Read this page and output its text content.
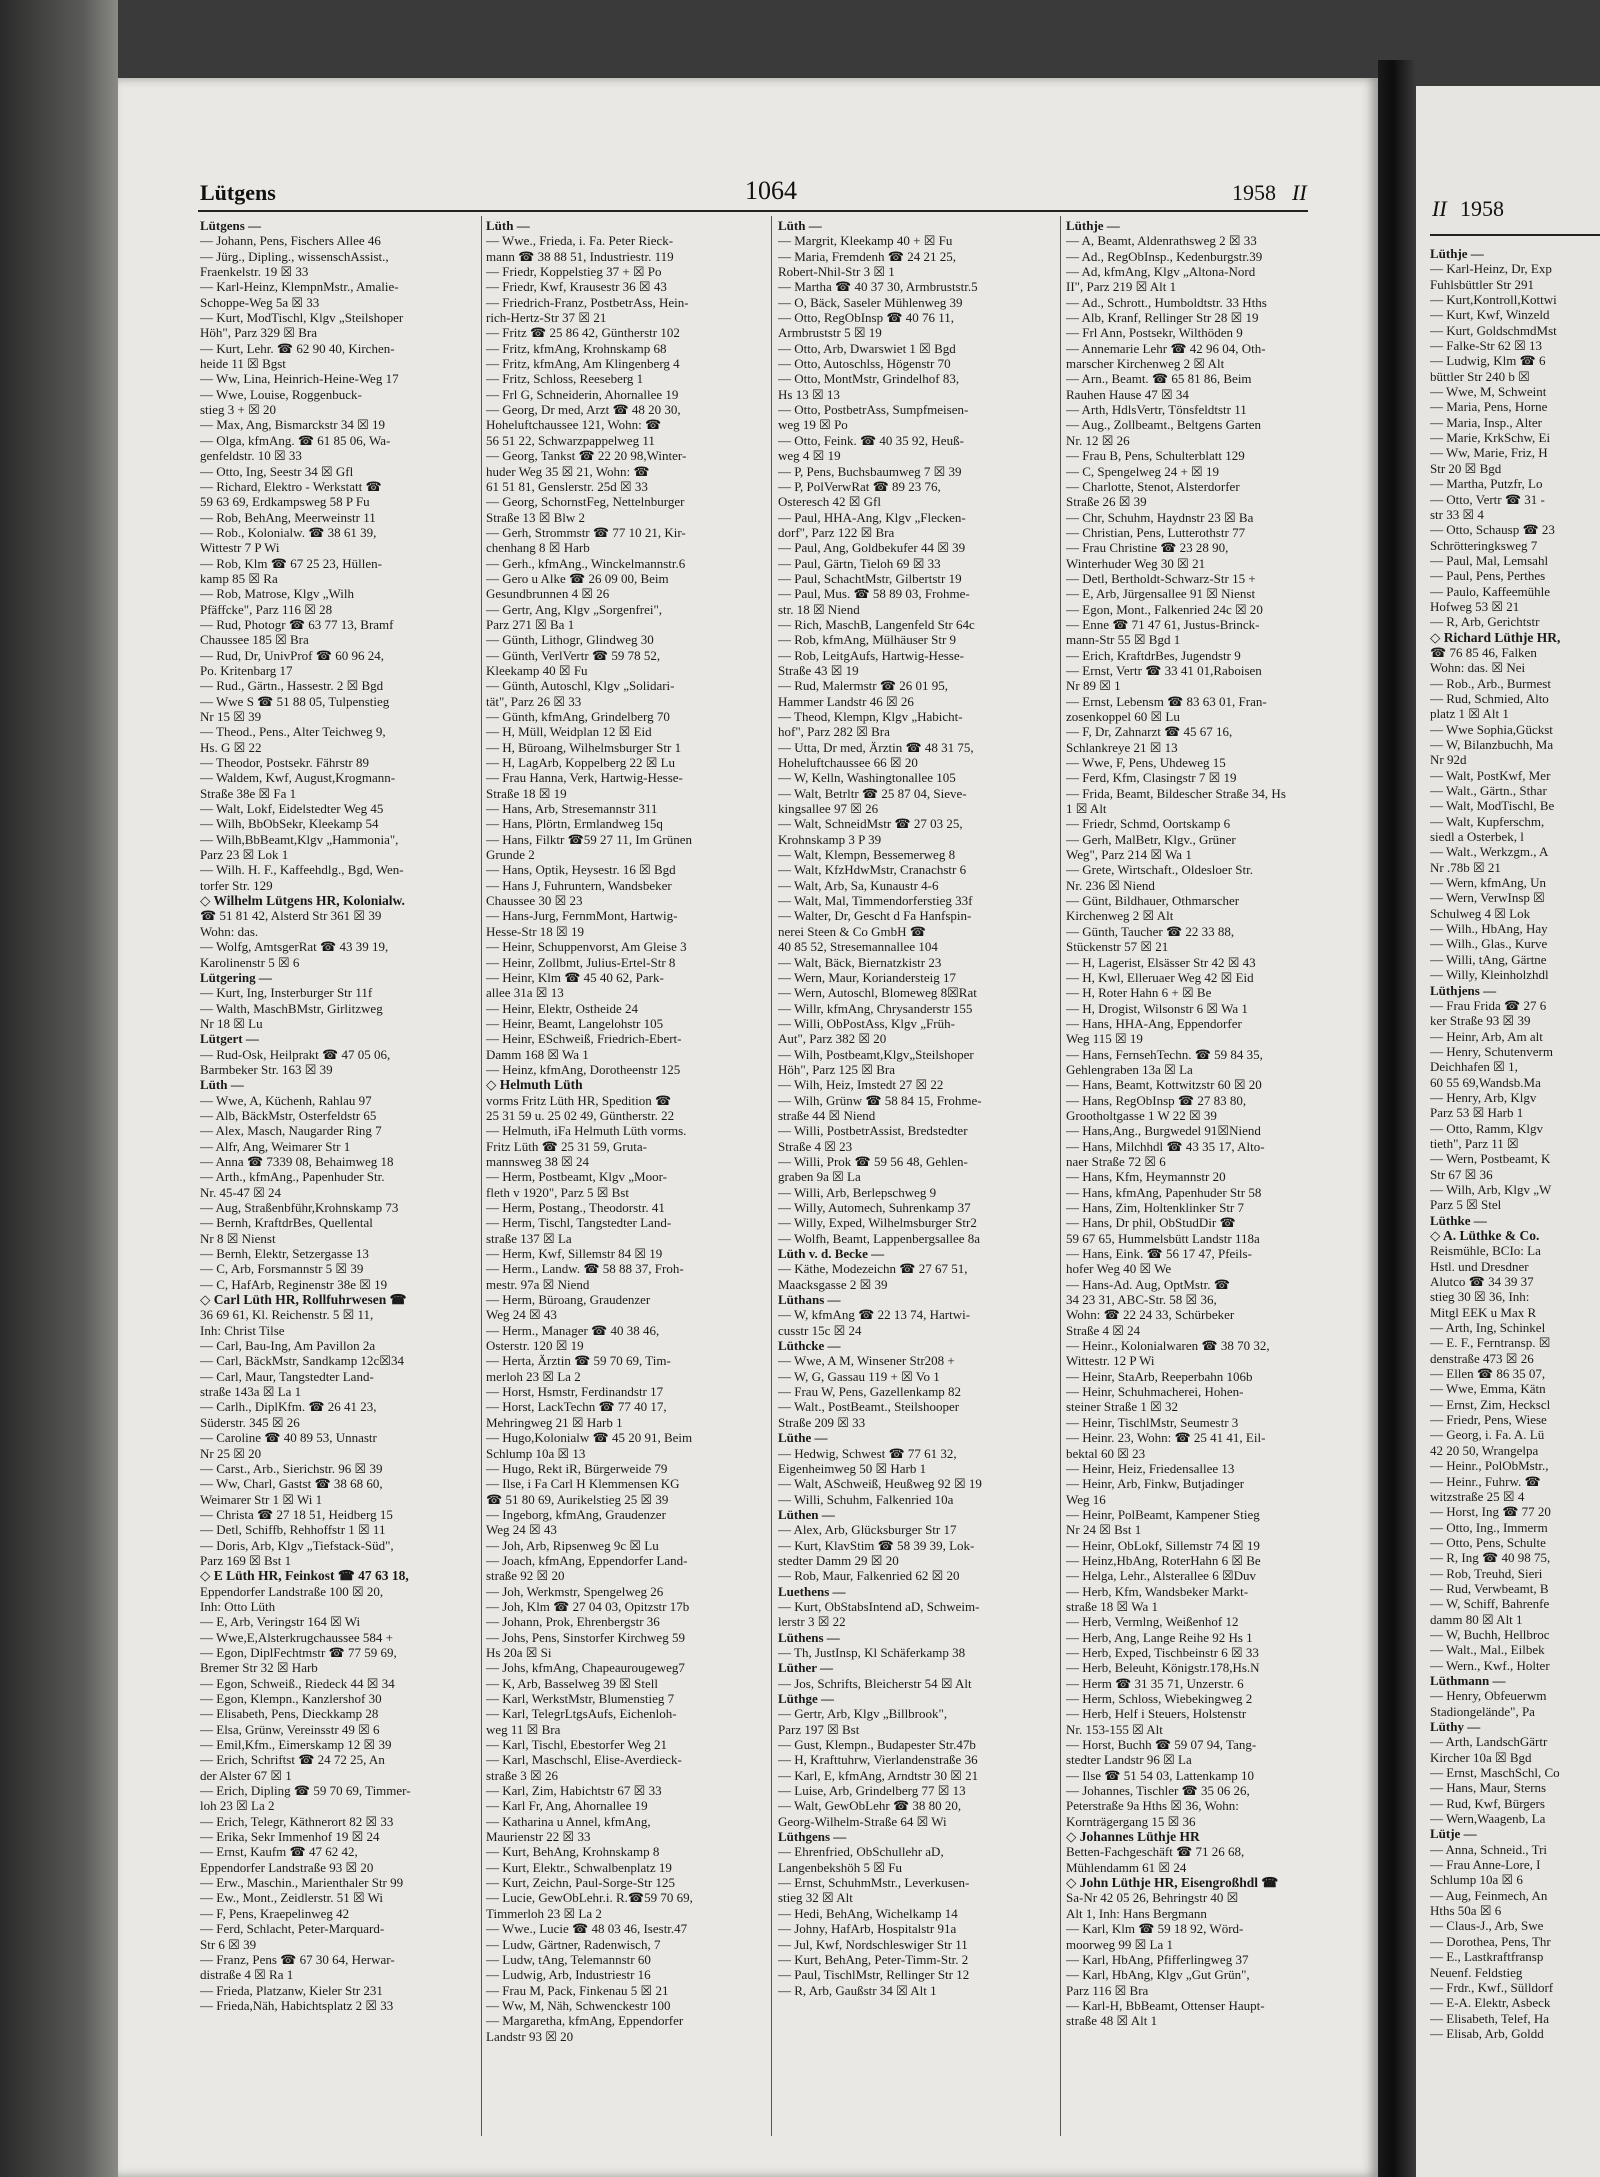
Lütgens	1064	1958 II
II 1958
Lütgens —
— Johann, Pens, Fischers Allee 46
— Jürg., Dipling., wissenschAssist.,
Fraenkelstr. 19 ☒ 33
— Karl-Heinz, KlempnMstr., Amalie-
Schoppe-Weg 5a ☒ 33
— Kurt, ModTischl, Klgv „Steilshoper
Höh", Parz 329 ☒ Bra
— Kurt, Lehr. ☎ 62 90 40, Kirchen-
heide 11 ☒ Bgst
— Ww, Lina, Heinrich-Heine-Weg 17
— Wwe, Louise, Roggenbuck-
stieg 3 + ☒ 20
— Max, Ang, Bismarckstr 34 ☒ 19
— Olga, kfmAng. ☎ 61 85 06, Wa-
genfeldstr. 10 ☒ 33
— Otto, Ing, Seestr 34 ☒ Gfl
— Richard, Elektro - Werkstatt ☎
59 63 69, Erdkampsweg 58 P Fu
— Rob, BehAng, Meerweinstr 11
— Rob., Kolonialw. ☎ 38 61 39,
Wittestr 7 P Wi
— Rob, Klm ☎ 67 25 23, Hüllen-
kamp 85 ☒ Ra
— Rob, Matrose, Klgv „Wilh
Pfäffcke", Parz 116 ☒ 28
— Rud, Photogr ☎ 63 77 13, Bramf
Chaussee 185 ☒ Bra
— Rud, Dr, UnivProf ☎ 60 96 24,
Po. Kritenbarg 17
— Rud., Gärtn., Hassestr. 2 ☒ Bgd
— Wwe S ☎ 51 88 05, Tulpenstieg
Nr 15 ☒ 39
— Theod., Pens., Alter Teichweg 9,
Hs. G ☒ 22
— Theodor, Postsekr. Fährstr 89
— Waldem, Kwf, August,Krogmann-
Straße 38e ☒ Fa 1
— Walt, Lokf, Eidelstedter Weg 45
— Wilh, BbObSekr, Kleekamp 54
— Wilh,BbBeamt,Klgv „Hammonia",
Parz 23 ☒ Lok 1
— Wilh. H. F., Kaffeehdlg., Bgd, Wen-
torfer Str. 129
◇ Wilhelm Lütgens HR, Kolonialw.
☎ 51 81 42, Alsterd Str 361 ☒ 39
Wohn: das.
— Wolfg, AmtsgerRat ☎ 43 39 19,
Karolinenstr 5 ☒ 6
Lütgering —
— Kurt, Ing, Insterburger Str 11f
— Walth, MaschBMstr, Girlitzweg
Nr 18 ☒ Lu
Lütgert —
— Rud-Osk, Heilprakt ☎ 47 05 06,
Barmbeker Str. 163 ☒ 39
Lüth —
— Wwe, A, Küchenh, Rahlau 97
— Alb, BäckMstr, Osterfeldstr 65
— Alex, Masch, Naugarder Ring 7
— Alfr, Ang, Weimarer Str 1
— Anna ☎ 7339 08, Behaimweg 18
— Arth., kfmAng., Papenhuder Str.
Nr. 45-47 ☒ 24
— Aug, Straßenbführ,Krohnskamp 73
— Bernh, KraftdrBes, Quellental
Nr 8 ☒ Nienst
— Bernh, Elektr, Setzergasse 13
— C, Arb, Forsmannstr 5 ☒ 39
— C, HafArb, Reginenstr 38e ☒ 19
◇ Carl Lüth HR, Rollfuhrwesen ☎
36 69 61, Kl. Reichenstr. 5 ☒ 11,
Inh: Christ Tilse
— Carl, Bau-Ing, Am Pavillon 2a
— Carl, BäckMstr, Sandkamp 12c☒34
— Carl, Maur, Tangstedter Land-
straße 143a ☒ La 1
— Carlh., DiplKfm. ☎ 26 41 23,
Süderstr. 345 ☒ 26
— Caroline ☎ 40 89 53, Unnastr
Nr 25 ☒ 20
— Carst., Arb., Sierichstr. 96 ☒ 39
— Ww, Charl, Gastst ☎ 38 68 60,
Weimarer Str 1 ☒ Wi 1
— Christa ☎ 27 18 51, Heidberg 15
— Detl, Schiffb, Rehhoffstr 1 ☒ 11
— Doris, Arb, Klgv „Tiefstack-Süd",
Parz 169 ☒ Bst 1
◇ E Lüth HR, Feinkost ☎ 47 63 18,
Eppendorfer Landstraße 100 ☒ 20,
Inh: Otto Lüth
— E, Arb, Veringstr 164 ☒ Wi
— Wwe,E,Alsterkrugchaussee 584 +
— Egon, DiplFechtmstr ☎ 77 59 69,
Bremer Str 32 ☒ Harb
— Egon, Schweiß., Riedeck 44 ☒ 34
— Egon, Klempn., Kanzlershof 30
— Elisabeth, Pens, Dieckkamp 28
— Elsa, Grünw, Vereinsstr 49 ☒ 6
— Emil,Kfm., Eimerskamp 12 ☒ 39
— Erich, Schriftst ☎ 24 72 25, An
der Alster 67 ☒ 1
— Erich, Dipling ☎ 59 70 69, Timmer-
loh 23 ☒ La 2
— Erich, Telegr, Käthnerort 82 ☒ 33
— Erika, Sekr Immenhof 19 ☒ 24
— Ernst, Kaufm ☎ 47 62 42,
Eppendorfer Landstraße 93 ☒ 20
— Erw., Maschin., Marienthaler Str 99
— Ew., Mont., Zeidlerstr. 51 ☒ Wi
— F, Pens, Kraepelinweg 42
— Ferd, Schlacht, Peter-Marquard-
Str 6 ☒ 39
— Franz, Pens ☎ 67 30 64, Herwar-
distraße 4 ☒ Ra 1
— Frieda, Platzanw, Kieler Str 231
— Frieda,Näh, Habichtsplatz 2 ☒ 33
Lüth —
— Wwe., Frieda, i. Fa. Peter Rieck-
mann ☎ 38 88 51, Industriestr. 119
— Friedr, Koppelstieg 37 + ☒ Po
— Friedr, Kwf, Krausestr 36 ☒ 43
— Friedrich-Franz, PostbetrAss, Hein-
rich-Hertz-Str 37 ☒ 21
— Fritz ☎ 25 86 42, Güntherstr 102
— Fritz, kfmAng, Krohnskamp 68
— Fritz, kfmAng, Am Klingenberg 4
— Fritz, Schloss, Reeseberg 1
— Frl G, Schneiderin, Ahornallee 19
— Georg, Dr med, Arzt ☎ 48 20 30,
Hoheluftchaussee 121, Wohn: ☎
56 51 22, Schwarzpappelweg 11
— Georg, Tankst ☎ 22 20 98,Winter-
huder Weg 35 ☒ 21, Wohn: ☎
61 51 81, Genslerstr. 25d ☒ 33
— Georg, SchornstFeg, Nettelnburger
Straße 13 ☒ Blw 2
— Gerh, Strommstr ☎ 77 10 21, Kir-
chenhang 8 ☒ Harb
— Gerh., kfmAng., Winckelmannstr.6
— Gero u Alke ☎ 26 09 00, Beim
Gesundbrunnen 4 ☒ 26
— Gertr, Ang, Klgv „Sorgenfrei",
Parz 271 ☒ Ba 1
— Günth, Lithogr, Glindweg 30
— Günth, VerlVertr ☎ 59 78 52,
Kleekamp 40 ☒ Fu
— Günth, Autoschl, Klgv „Solidari-
tät", Parz 26 ☒ 33
— Günth, kfmAng, Grindelberg 70
— H, Müll, Weidplan 12 ☒ Eid
— H, Büroang, Wilhelmsburger Str 1
— H, LagArb, Koppelberg 22 ☒ Lu
— Frau Hanna, Verk, Hartwig-Hesse-
Straße 18 ☒ 19
— Hans, Arb, Stresemannstr 311
— Hans, Plörtn, Ermlandweg 15q
— Hans, Filktr ☎59 27 11, Im Grünen
Grunde 2
— Hans, Optik, Heysestr. 16 ☒ Bgd
— Hans J, Fuhruntern, Wandsbeker
Chaussee 30 ☒ 23
— Hans-Jurg, FernmMont, Hartwig-
Hesse-Str 18 ☒ 19
— Heinr, Schuppenvorst, Am Gleise 3
— Heinr, Zollbmt, Julius-Ertel-Str 8
— Heinr, Klm ☎ 45 40 62, Park-
allee 31a ☒ 13
— Heinr, Elektr, Ostheide 24
— Heinr, Beamt, Langelohstr 105
— Heinr, ESchweiß, Friedrich-Ebert-
Damm 168 ☒ Wa 1
— Heinz, kfmAng, Dorotheenstr 125
◇ Helmuth Lüth
vorms Fritz Lüth HR, Spedition ☎
25 31 59 u. 25 02 49, Güntherstr. 22
— Helmuth, iFa Helmuth Lüth vorms.
Fritz Lüth ☎ 25 31 59, Gruta-
mannsweg 38 ☒ 24
— Herm, Postbeamt, Klgv „Moor-
fleth v 1920", Parz 5 ☒ Bst
— Herm, Postang., Theodorstr. 41
— Herm, Tischl, Tangstedter Land-
straße 137 ☒ La
— Herm, Kwf, Sillemstr 84 ☒ 19
— Herm., Landw. ☎ 58 88 37, Froh-
mestr. 97a ☒ Niend
— Herm, Büroang, Graudenzer
Weg 24 ☒ 43
— Herm., Manager ☎ 40 38 46,
Osterstr. 120 ☒ 19
— Herta, Ärztin ☎ 59 70 69, Tim-
merloh 23 ☒ La 2
— Horst, Hsmstr, Ferdinandstr 17
— Horst, LackTechn ☎ 77 40 17,
Mehringweg 21 ☒ Harb 1
— Hugo,Kolonialw ☎ 45 20 91, Beim
Schlump 10a ☒ 13
— Hugo, Rekt iR, Bürgerweide 79
— Ilse, i Fa Carl H Klemmensen KG
☎ 51 80 69, Aurikelstieg 25 ☒ 39
— Ingeborg, kfmAng, Graudenzer
Weg 24 ☒ 43
— Joh, Arb, Ripsenweg 9c ☒ Lu
— Joach, kfmAng, Eppendorfer Land-
straße 92 ☒ 20
— Joh, Werkmstr, Spengelweg 26
— Joh, Klm ☎ 27 04 03, Opitzstr 17b
— Johann, Prok, Ehrenbergstr 36
— Johs, Pens, Sinstorfer Kirchweg 59
Hs 20a ☒ Si
— Johs, kfmAng, Chapeaurougeweg7
— K, Arb, Basselweg 39 ☒ Stell
— Karl, WerkstMstr, Blumenstieg 7
— Karl, TelegrLtgsAufs, Eichenloh-
weg 11 ☒ Bra
— Karl, Tischl, Ebestorfer Weg 21
— Karl, Maschschl, Elise-Averdieck-
straße 3 ☒ 26
— Karl, Zim, Habichtstr 67 ☒ 33
— Karl Fr, Ang, Ahornallee 19
— Katharina u Annel, kfmAng,
Maurienstr 22 ☒ 33
— Kurt, BehAng, Krohnskamp 8
— Kurt, Elektr., Schwalbenplatz 19
— Kurt, Zeichn, Paul-Sorge-Str 125
— Lucie, GewObLehr.i. R.☎59 70 69,
Timmerloh 23 ☒ La 2
— Wwe., Lucie ☎ 48 03 46, Isestr.47
— Ludw, Gärtner, Radenwisch, 7
— Ludw, tAng, Telemannstr 60
— Ludwig, Arb, Industriestr 16
— Frau M, Pack, Finkenau 5 ☒ 21
— Ww, M, Näh, Schwenckestr 100
— Margaretha, kfmAng, Eppendorfer
Landstr 93 ☒ 20
Lüth —
— Margrit, Kleekamp 40 + ☒ Fu
— Maria, Fremdenh ☎ 24 21 25,
Robert-Nhil-Str 3 ☒ 1
— Martha ☎ 40 37 30, Armbruststr.5
— O, Bäck, Saseler Mühlenweg 39
— Otto, RegObInsp ☎ 40 76 11,
Armbruststr 5 ☒ 19
— Otto, Arb, Dwarswiet 1 ☒ Bgd
— Otto, Autoschlss, Högenstr 70
— Otto, MontMstr, Grindelhof 83,
Hs 13 ☒ 13
— Otto, PostbetrAss, Sumpfmeisen-
weg 19 ☒ Po
— Otto, Feink. ☎ 40 35 92, Heuß-
weg 4 ☒ 19
— P, Pens, Buchsbaumweg 7 ☒ 39
— P, PolVerwRat ☎ 89 23 76,
Osteresch 42 ☒ Gfl
— Paul, HHA-Ang, Klgv „Flecken-
dorf", Parz 122 ☒ Bra
— Paul, Ang, Goldbekufer 44 ☒ 39
— Paul, Gärtn, Tieloh 69 ☒ 33
— Paul, SchachtMstr, Gilbertstr 19
— Paul, Mus. ☎ 58 89 03, Frohme-
str. 18 ☒ Niend
— Rich, MaschB, Langenfeld Str 64c
— Rob, kfmAng, Mülhäuser Str 9
— Rob, LeitgAufs, Hartwig-Hesse-
Straße 43 ☒ 19
— Rud, Malermstr ☎ 26 01 95,
Hammer Landstr 46 ☒ 26
— Theod, Klempn, Klgv „Habicht-
hof", Parz 282 ☒ Bra
— Utta, Dr med, Ärztin ☎ 48 31 75,
Hoheluftchaussee 66 ☒ 20
— W, Kelln, Washingtonallee 105
— Walt, Betrltr ☎ 25 87 04, Sieve-
kingsallee 97 ☒ 26
— Walt, SchneidMstr ☎ 27 03 25,
Krohnskamp 3 P 39
— Walt, Klempn, Bessemerweg 8
— Walt, KfzHdwMstr, Cranachstr 6
— Walt, Arb, Sa, Kunaustr 4-6
— Walt, Mal, Timmendorferstieg 33f
— Walter, Dr, Gescht d Fa Hanfspin-
nerei Steen & Co GmbH ☎
40 85 52, Stresemannallee 104
— Walt, Bäck, Biernatzkistr 23
— Wern, Maur, Koriandersteig 17
— Wern, Autoschl, Blomeweg 8☒Rat
— Willr, kfmAng, Chrysanderstr 155
— Willi, ObPostAss, Klgv „Früh-
Aut", Parz 382 ☒ 20
— Wilh, Postbeamt,Klgv„Steilshoper
Höh", Parz 125 ☒ Bra
— Wilh, Heiz, Imstedt 27 ☒ 22
— Wilh, Grünw ☎ 58 84 15, Frohme-
straße 44 ☒ Niend
— Willi, PostbetrAssist, Bredstedter
Straße 4 ☒ 23
— Willi, Prok ☎ 59 56 48, Gehlen-
graben 9a ☒ La
— Willi, Arb, Berlepschweg 9
— Willy, Automech, Suhrenkamp 37
— Willy, Exped, Wilhelmsburger Str2
— Wolfh, Beamt, Lappenbergsallee 8a
Lüth v. d. Becke —
— Käthe, Modezeichn ☎ 27 67 51,
Maacksgasse 2 ☒ 39
Lüthans —
— W, kfmAng ☎ 22 13 74, Hartwi-
cusstr 15c ☒ 24
Lüthcke —
— Wwe, A M, Winsener Str208 +
— W, G, Gassau 119 + ☒ Vo 1
— Frau W, Pens, Gazellenkamp 82
— Walt., PostBeamt., Steilshooper
Straße 209 ☒ 33
Lüthe —
— Hedwig, Schwest ☎ 77 61 32,
Eigenheimweg 50 ☒ Harb 1
— Walt, ASchweiß, Heußweg 92 ☒ 19
— Willi, Schuhm, Falkenried 10a
Lüthen —
— Alex, Arb, Glücksburger Str 17
— Kurt, KlavStim ☎ 58 39 39, Lok-
stedter Damm 29 ☒ 20
— Rob, Maur, Falkenried 62 ☒ 20
Luethens —
— Kurt, ObStabsIntend aD, Schweim-
lerstr 3 ☒ 22
Lüthens —
— Th, JustInsp, Kl Schäferkamp 38
Lüther —
— Jos, Schrifts, Bleicherstr 54 ☒ Alt
Lüthge —
— Gertr, Arb, Klgv „Billbrook",
Parz 197 ☒ Bst
— Gust, Klempn., Budapester Str.47b
— H, Krafttuhrw, Vierlandenstraße 36
— Karl, E, kfmAng, Arndtstr 30 ☒ 21
— Luise, Arb, Grindelberg 77 ☒ 13
— Walt, GewObLehr ☎ 38 80 20,
Georg-Wilhelm-Straße 64 ☒ Wi
Lüthgens —
— Ehrenfried, ObSchullehr aD,
Langenbekshöh 5 ☒ Fu
— Ernst, SchuhmMstr., Leverkusen-
stieg 32 ☒ Alt
— Hedi, BehAng, Wichelkamp 14
— Johny, HafArb, Hospitalstr 91a
— Jul, Kwf, Nordschleswiger Str 11
— Kurt, BehAng, Peter-Timm-Str. 2
— Paul, TischlMstr, Rellinger Str 12
— R, Arb, Gaußstr 34 ☒ Alt 1
Lüthje —
— A, Beamt, Aldenrathsweg 2 ☒ 33
— Ad., RegObInsp., Kedenburgstr.39
— Ad, kfmAng, Klgv „Altona-Nord
II", Parz 219 ☒ Alt 1
— Ad., Schrott., Humboldtstr. 33 Hths
— Alb, Kranf, Rellinger Str 28 ☒ 19
— Frl Ann, Postsekr, Wilthöden 9
— Annemarie Lehr ☎ 42 96 04, Oth-
marscher Kirchenweg 2 ☒ Alt
— Arn., Beamt. ☎ 65 81 86, Beim
Rauhen Hause 47 ☒ 34
— Arth, HdlsVertr, Tönsfeldtstr 11
— Aug., Zollbeamt., Beltgens Garten
Nr. 12 ☒ 26
— Frau B, Pens, Schulterblatt 129
— C, Spengelweg 24 + ☒ 19
— Charlotte, Stenot, Alsterdorfer
Straße 26 ☒ 39
— Chr, Schuhm, Haydnstr 23 ☒ Ba
— Christian, Pens, Lutterothstr 77
— Frau Christine ☎ 23 28 90,
Winterhuder Weg 30 ☒ 21
— Detl, Bertholdt-Schwarz-Str 15 +
— E, Arb, Jürgensallee 91 ☒ Nienst
— Egon, Mont., Falkenried 24c ☒ 20
— Enne ☎ 71 47 61, Justus-Brinck-
mann-Str 55 ☒ Bgd 1
— Erich, KraftdrBes, Jugendstr 9
— Ernst, Vertr ☎ 33 41 01,Raboisen
Nr 89 ☒ 1
— Ernst, Lebensm ☎ 83 63 01, Fran-
zosenkoppel 60 ☒ Lu
— F, Dr, Zahnarzt ☎ 45 67 16,
Schlankreye 21 ☒ 13
— Wwe, F, Pens, Uhdeweg 15
— Ferd, Kfm, Clasingstr 7 ☒ 19
— Frida, Beamt, Bildescher Straße 34, Hs
1 ☒ Alt
— Friedr, Schmd, Oortskamp 6
— Gerh, MalBetr, Klgv., Grüner
Weg", Parz 214 ☒ Wa 1
— Grete, Wirtschaft., Oldesloer Str.
Nr. 236 ☒ Niend
— Günt, Bildhauer, Othmarscher
Kirchenweg 2 ☒ Alt
— Günth, Taucher ☎ 22 33 88,
Stückenstr 57 ☒ 21
— H, Lagerist, Elsässer Str 42 ☒ 43
— H, Kwl, Elleruaer Weg 42 ☒ Eid
— H, Roter Hahn 6 + ☒ Be
— H, Drogist, Wilsonstr 6 ☒ Wa 1
— Hans, HHA-Ang, Eppendorfer
Weg 115 ☒ 19
— Hans, FernsehTechn. ☎ 59 84 35,
Gehlengraben 13a ☒ La
— Hans, Beamt, Kottwitzstr 60 ☒ 20
— Hans, RegObInsp ☎ 27 83 80,
Grootholtgasse 1 W 22 ☒ 39
— Hans,Ang., Burgwedel 91☒Niend
— Hans, Milchhdl ☎ 43 35 17, Alto-
naer Straße 72 ☒ 6
— Hans, Kfm, Heymannstr 20
— Hans, kfmAng, Papenhuder Str 58
— Hans, Zim, Holtenklinker Str 7
— Hans, Dr phil, ObStudDir ☎
59 67 65, Hummelsbütt Landstr 118a
— Hans, Eink. ☎ 56 17 47, Pfeils-
hofer Weg 40 ☒ We
— Hans-Ad. Aug, OptMstr. ☎
34 23 31, ABC-Str. 58 ☒ 36,
Wohn: ☎ 22 24 33, Schürbeker
Straße 4 ☒ 24
— Heinr., Kolonialwaren ☎ 38 70 32,
Wittestr. 12 P Wi
— Heinr, StaArb, Reeperbahn 106b
— Heinr, Schuhmacherei, Hohen-
steiner Straße 1 ☒ 32
— Heinr, TischlMstr, Seumestr 3
— Heinr. 23, Wohn: ☎ 25 41 41, Eil-
bektal 60 ☒ 23
— Heinr, Heiz, Friedensallee 13
— Heinr, Arb, Finkw, Butjadinger
Weg 16
— Heinr, PolBeamt, Kampener Stieg
Nr 24 ☒ Bst 1
— Heinr, ObLokf, Sillemstr 74 ☒ 19
— Heinz,HbAng, RoterHahn 6 ☒ Be
— Helga, Lehr., Alsterallee 6 ☒Duv
— Herb, Kfm, Wandsbeker Markt-
straße 18 ☒ Wa 1
— Herb, Vermlng, Weißenhof 12
— Herb, Ang, Lange Reihe 92 Hs 1
— Herb, Exped, Tischbeinstr 6 ☒ 33
— Herb, Beleuht, Königstr.178,Hs.N
— Herm ☎ 31 35 71, Unzerstr. 6
— Herm, Schloss, Wiebekingweg 2
— Herb, Helf i Steuers, Holstenstr
Nr. 153-155 ☒ Alt
— Horst, Buchh ☎ 59 07 94, Tang-
stedter Landstr 96 ☒ La
— Ilse ☎ 51 54 03, Lattenkamp 10
— Johannes, Tischler ☎ 35 06 26,
Peterstraße 9a Hths ☒ 36, Wohn:
Kornträgergang 15 ☒ 36
◇ Johannes Lüthje HR
Betten-Fachgeschäft ☎ 71 26 68,
Mühlendamm 61 ☒ 24
◇ John Lüthje HR, Eisengroßhdl ☎
Sa-Nr 42 05 26, Behringstr 40 ☒
Alt 1, Inh: Hans Bergmann
— Karl, Klm ☎ 59 18 92, Wörd-
moorweg 99 ☒ La 1
— Karl, HbAng, Pfifferlingweg 37
— Karl, HbAng, Klgv „Gut Grün",
Parz 116 ☒ Bra
— Karl-H, BbBeamt, Ottenser Haupt-
straße 48 ☒ Alt 1
Lüthje —
— Karl-Heinz, Dr, Exp
Fuhlsbüttler Str 291
— Kurt,Kontroll,Kottwi
— Kurt, Kwf, Winzeld
— Kurt, GoldschmdMst
— Falke-Str 62 ☒ 13
— Ludwig, Klm ☎ 6
büttler Str 240 b ☒
— Wwe, M, Schweint
— Maria, Pens, Horne
— Maria, Insp., Alter
— Marie, KrkSchw, Ei
— Ww, Marie, Friz, H
Str 20 ☒ Bgd
— Martha, Putzfr, Lo
— Otto, Vertr ☎ 31 -
str 33 ☒ 4
— Otto, Schausp ☎ 23
Schrötteringksweg 7
— Paul, Mal, Lemsahl
— Paul, Pens, Perthes
— Paulo, Kaffeemühle
Hofweg 53 ☒ 21
— R, Arb, Gerichtstr
◇ Richard Lüthje HR,
☎ 76 85 46, Falken
Wohn: das. ☒ Nei
— Rob., Arb., Burmest
— Rud, Schmied, Alto
platz 1 ☒ Alt 1
— Wwe Sophia,Gückst
— W, Bilanzbuchh, Ma
Nr 92d
— Walt, PostKwf, Mer
— Walt., Gärtn., Sthar
— Walt, ModTischl, Be
— Walt, Kupferschm,
siedl a Osterbek, l
— Walt., Werkzgm., A
Nr .78b ☒ 21
— Wern, kfmAng, Un
— Wern, VerwInsp ☒
Schulweg 4 ☒ Lok
— Wilh., HbAng, Hay
— Wilh., Glas., Kurve
— Willi, tAng, Gärtne
— Willy, Kleinholzhdl
Lüthjens —
— Frau Frida ☎ 27 6
ker Straße 93 ☒ 39
— Heinr, Arb, Am alt
— Henry, Schutenverm
Deichhafen ☒ 1,
60 55 69,Wandsb.Ma
— Henry, Arb, Klgv
Parz 53 ☒ Harb 1
— Otto, Ramm, Klgv
tieth", Parz 11 ☒
— Wern, Postbeamt, K
Str 67 ☒ 36
— Wilh, Arb, Klgv „W
Parz 5 ☒ Stel
Lüthke —
◇ A. Lüthke & Co.
Reismühle, BCIo: La
Hstl. und Dresdner
Alutco ☎ 34 39 37
stieg 30 ☒ 36, Inh:
Mitgl EEK u Max R
— Arth, Ing, Schinkel
— E. F., Ferntransp. ☒
denstraße 473 ☒ 26
— Ellen ☎ 86 35 07,
— Wwe, Emma, Kätn
— Ernst, Zim, Heckscl
— Friedr, Pens, Wiese
— Georg, i. Fa. A. Lü
42 20 50, Wrangelpa
— Heinr., PolObMstr.,
— Heinr., Fuhrw. ☎
witzstraße 25 ☒ 4
— Horst, Ing ☎ 77 20
— Otto, Ing., Immerm
— Otto, Pens, Schulte
— R, Ing ☎ 40 98 75,
— Rob, Treuhd, Sieri
— Rud, Verwbeamt, B
— W, Schiff, Bahrenfe
damm 80 ☒ Alt 1
— W, Buchh, Hellbroc
— Walt., Mal., Eilbek
— Wern., Kwf., Holter
Lüthmann —
— Henry, Obfeuerwm
Stadiongelände", Pa
Lüthy —
— Arth, LandschGärtr
Kircher 10a ☒ Bgd
— Ernst, MaschSchl, Co
— Hans, Maur, Sterns
— Rud, Kwf, Bürgers
— Wern,Waagenb, La
Lütje —
— Anna, Schneid., Tri
— Frau Anne-Lore, I
Schlump 10a ☒ 6
— Aug, Feinmech, An
Hths 50a ☒ 6
— Claus-J., Arb, Swe
— Dorothea, Pens, Thr
— E., Lastkraftfransp
Neuenf. Feldstieg
— Frdr., Kwf., Sülldorf
— E-A. Elektr, Asbeck
— Elisabeth, Telef, Ha
— Elisab, Arb, Goldd
